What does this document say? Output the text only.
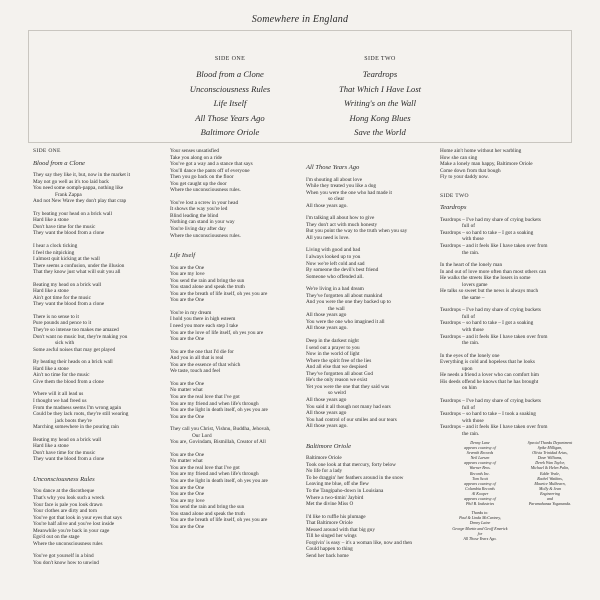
Somewhere in England
SIDE ONE
Blood from a Clone
Unconsciousness Rules
Life Itself
All Those Years Ago
Baltimore Oriole
SIDE TWO
Teardrops
That Which I Have Lost
Writing's on the Wall
Hong Kong Blues
Save the World
SIDE ONE
Blood from a Clone
They say they like it, but, now in the market it
May not go well as it's too laid back
You need some oomph-pappa, nothing like
Frank Zappa
And not New Wave they don't play that crap
Try beating your head on a brick wall
Hard like a stone
Don't have time for the music
They want the blood from a clone
I hear a clock ticking
I feel the nitpicking
I almost quit kicking at the wall
There seems a confusion, under the illusion
That they know just what will suit you all
Beating my head on a brick wall
Hard like a stone
Ain't got time for the music
They want the blood from a clone
There is no sense to it
Pure pounds and pence to it
They're so intense too makes me amazed
Don't want no music but, they're making you
sick with
Some awful noises that may get played
By beating their heads on a brick wall
Hard like a stone
Ain't no time for the music
Give them the blood from a clone
Where will it all lead us
I thought we had freed us
From the madness seems I'm wrong again
Could be they lack roots, they're still wearing
jack boots they're
Marching somewhere in the pouring rain
Beating my head on a brick wall
Hard like a stone
Don't have time for the music
They want the blood from a clone
Unconsciousness Rules
You dance at the discotheque
That's why you look such a wreck
Your face is pale you look drawn
Your clothes are dirty and torn
You've got that look in your eyes that says
You're half alive and you've lost inside
Meanwhile you're back in your cage
Ego'd out on the stage
Where the unconsciousness rules
You've got yourself in a bind
You don't know how to unwind
Your senses unsatisfied
Take you along on a ride
You've got a way and a stance that says
You'll dance the pants off of everyone
Then you go back on the floor
You get caught up the door
Where the unconsciousness rules.
You've lost a screw in your head
It shows the way you're led
Blind leading the blind
Nothing can stand in your way
You're living day after day
Where the unconsciousness rules.
Life Itself
You are the One
You are my love
You send the rain and bring the sun
You stand alone and speak the truth
You are the breath of life itself, oh yes you are
You are the One
You're in my dream
I hold you there in high esteem
I need you more each step I take
You are the love of life itself, oh yes you are
You are the One
You are the one that I'd die for
And you in all that is real
You are the essence of that which
We taste, touch and feel
You are the One
No matter what
You are the real love that I've got
You are my friend and when life's through
You are the light in death itself, oh yes you are
You are the One
They call you Christ, Vishnu, Buddha, Jehovah,
Our Lord
You are, Govindam, Bismillah, Creator of All
You are the One
No matter what
You are the real love that I've got
You are my friend and when life's through
You are the light in death itself, oh yes you are
You are the One
You are the One
You are my love
You send the rain and bring the sun
You stand alone and speak the truth
You are the breath of life itself, oh yes you are
You are the One
All Those Years Ago
I'm shouting all about love
While they treated you like a dog
When you were the one who had made it
so clear
All those years ago.
I'm talking all about how to give
They don't act with much honesty
But you point the way to the truth when you say
All you need is love.
Living with good and bad
I always looked up to you
Now we're left cold and sad
By someone the devil's best friend
Someone who offended all.
We're living in a bad dream
They've forgotten all about mankind
And you were the one they backed up to
the wall
All those years ago
You were the one who imagined it all
All those years ago.
Deep in the darkest night
I send out a prayer to you
Now in the world of light
Where the spirit free of the lies
And all else that we despised
They've forgotten all about God
He's the only reason we exist
Yet you were the one that they said was
so weird
All those years ago
You said it all though not many had ears
All those years ago
You had control of our smiles and our tears
All those years ago.
Baltimore Oriole
Baltimore Oriole
Took one look at that mercury, forty below
No life for a lady
To be draggin' her feathers around in the snow
Leaving me blue, off she flew
To the Tangipaho-down in Louisiana
Where a two-timin' Jaybird
Met the divine Miss O
I'd like to ruffle his plumage
That Baltimore Oriole
Messed around with that big guy
Till he singed her wings
Forgivin' is easy – it's a woman like, now and then
Could happen to thing
Send her back home
Home ain't home without her warbling
How she can sing
Make a lonely man happy, Baltimore Oriole
Come down from that bough
Fly to your daddy now.
SIDE TWO
Teardrops
Teardrops – I've had my share of crying buckets
full of
Teardrops – so hard to take – I got a soaking
with those
Teardrops – and it feels like I have taken over from
the rain.
In the heart of the lonely man
In and out of love more often than most others can
He walks the streets like the losers in some
lovers game
He talks so sweet but the news is always much
the same –
Teardrops – I've had my share of crying buckets
full of
Teardrops – so hard to take – I got a soaking
with those
Teardrops – and it feels like I have taken over from
the rain.
In the eyes of the lonely one
Everything is cold and hopeless that he looks
upon
He needs a friend a lover who can comfort him
His deeds offend he knows that he has brought
on him
Teardrops – I've had my share of crying buckets
full of
Teardrops – so hard to take – I took a soaking
with those
Teardrops – and it feels like I have taken over from
the rain.
Denny Lane
appears courtesy of
Seventh Records
Neil Larsen
appears courtesy of
Warner Bros.
Records Inc.
Tom Scott
appears courtesy of
Columbia Records
Al Kooper
appears courtesy of
Phil B. Industries
Thanks to:
Paul & Linda McCartney,
Denny Laine
George Martin and Geoff Emerick
for
All Those Years Ago.
Special Thanks Department
Spike Milligan,
Olivia Trinidad Arias,
Dave Williams,
Derek Wan Taylor,
Michael & Helen Palin,
Eddie Veale,
Rachel Watkins,
Maurice Mulhearn,
Molly & Jean
Engineering
and
Paramahansa Yogananda.
